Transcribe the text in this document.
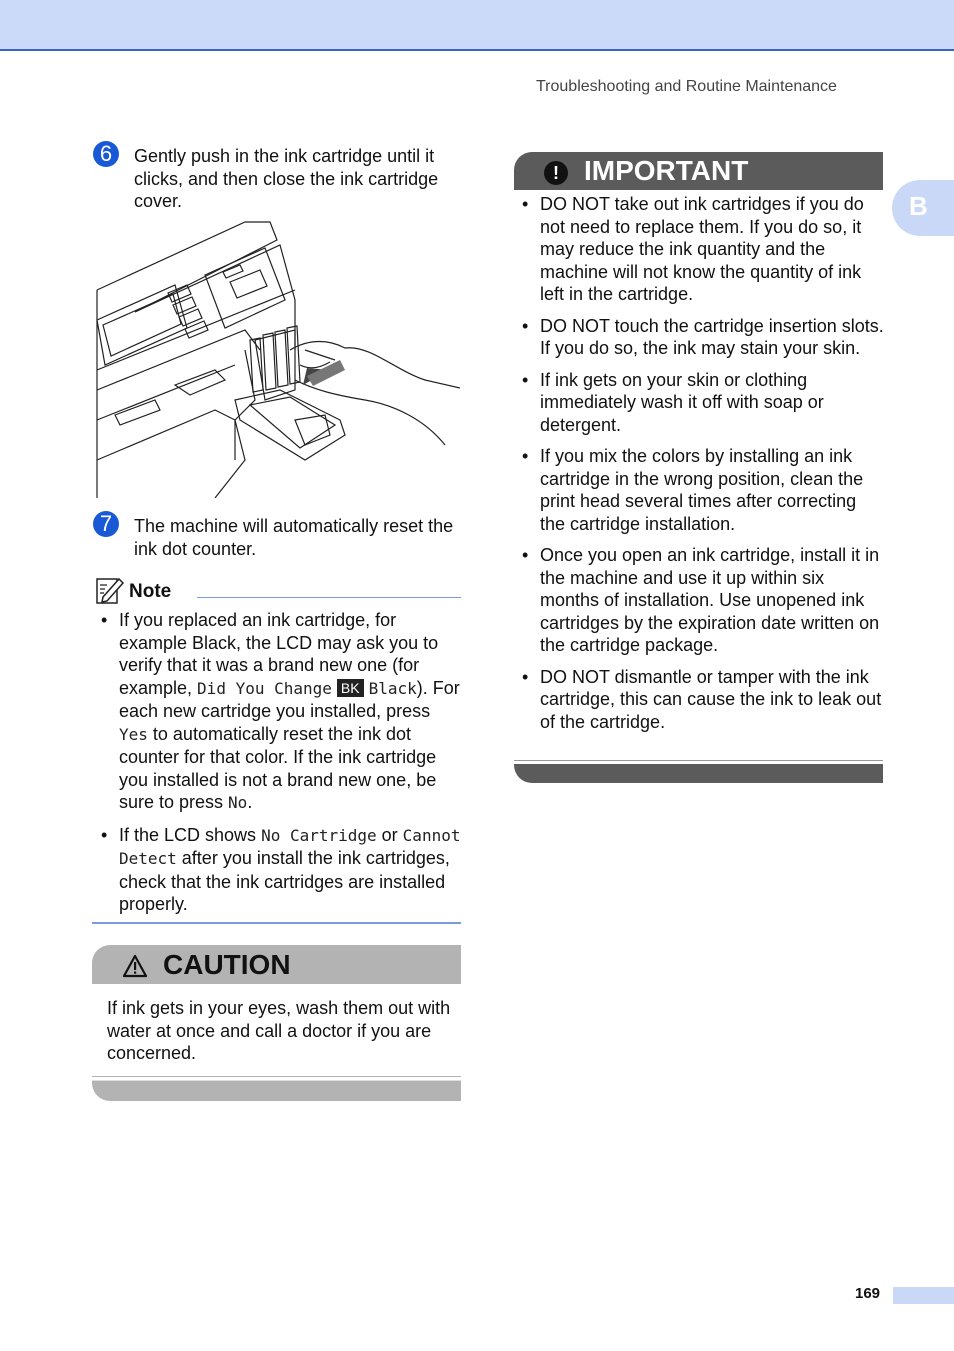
Troubleshooting and Routine Maintenance
B
6	Gently push in the ink cartridge until it clicks, and then close the ink cartridge cover.
7	The machine will automatically reset the ink dot counter.
Note
• If you replaced an ink cartridge, for example Black, the LCD may ask you to verify that it was a brand new one (for example, Did You Change BK Black). For each new cartridge you installed, press Yes to automatically reset the ink dot counter for that color. If the ink cartridge you installed is not a brand new one, be sure to press No.
• If the LCD shows No Cartridge or Cannot Detect after you install the ink cartridges, check that the ink cartridges are installed properly.
CAUTION
If ink gets in your eyes, wash them out with water at once and call a doctor if you are concerned.
! IMPORTANT
• DO NOT take out ink cartridges if you do not need to replace them. If you do so, it may reduce the ink quantity and the machine will not know the quantity of ink left in the cartridge.
• DO NOT touch the cartridge insertion slots. If you do so, the ink may stain your skin.
• If ink gets on your skin or clothing immediately wash it off with soap or detergent.
• If you mix the colors by installing an ink cartridge in the wrong position, clean the print head several times after correcting the cartridge installation.
• Once you open an ink cartridge, install it in the machine and use it up within six months of installation. Use unopened ink cartridges by the expiration date written on the cartridge package.
• DO NOT dismantle or tamper with the ink cartridge, this can cause the ink to leak out of the cartridge.
169
